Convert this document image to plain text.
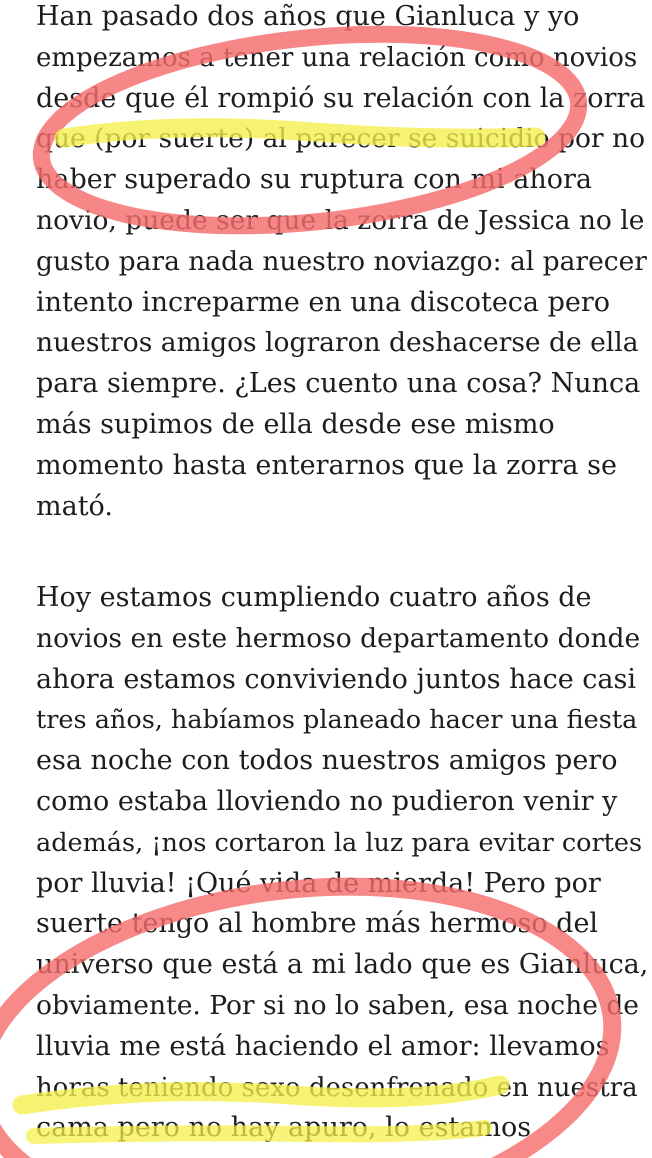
Han pasado dos años que Gianluca y yo
empezamos a tener una relación como novios
desde que él rompió su relación con la zorra
que (por suerte) al parecer se suicidio por no
haber superado su ruptura con mi ahora
novio, puede ser que la zorra de Jessica no le
gusto para nada nuestro noviazgo: al parecer
intento increparme en una discoteca pero
nuestros amigos lograron deshacerse de ella
para siempre. ¿Les cuento una cosa? Nunca
más supimos de ella desde ese mismo
momento hasta enterarnos que la zorra se
mató.
Hoy estamos cumpliendo cuatro años de
novios en este hermoso departamento donde
ahora estamos conviviendo juntos hace casi
tres años, habíamos planeado hacer una fiesta
esa noche con todos nuestros amigos pero
como estaba lloviendo no pudieron venir y
además, ¡nos cortaron la luz para evitar cortes
por lluvia! ¡Qué vida de mierda! Pero por
suerte tengo al hombre más hermoso del
universo que está a mi lado que es Gianluca,
obviamente. Por si no lo saben, esa noche de
lluvia me está haciendo el amor: llevamos
horas teniendo sexo desenfrenado en nuestra
cama pero no hay apuro, lo estamos
